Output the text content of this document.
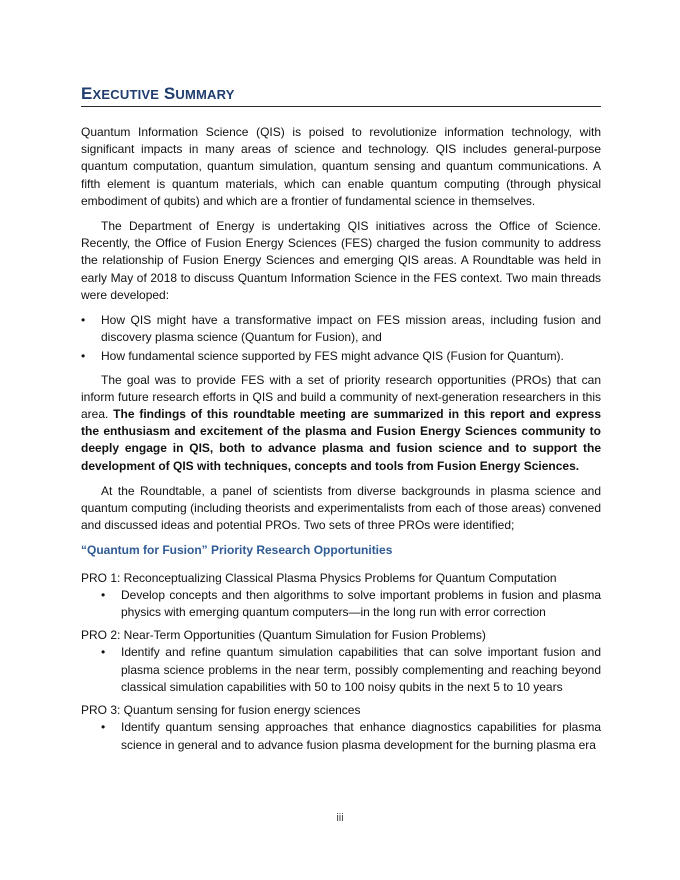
EXECUTIVE SUMMARY

Quantum Information Science (QIS) is poised to revolutionize information technology, with significant impacts in many areas of science and technology. QIS includes general-purpose quantum computation, quantum simulation, quantum sensing and quantum communications. A fifth element is quantum materials, which can enable quantum computing (through physical embodiment of qubits) and which are a frontier of fundamental science in themselves.

The Department of Energy is undertaking QIS initiatives across the Office of Science. Recently, the Office of Fusion Energy Sciences (FES) charged the fusion community to address the relationship of Fusion Energy Sciences and emerging QIS areas. A Roundtable was held in early May of 2018 to discuss Quantum Information Science in the FES context. Two main threads were developed:

• How QIS might have a transformative impact on FES mission areas, including fusion and discovery plasma science (Quantum for Fusion), and
• How fundamental science supported by FES might advance QIS (Fusion for Quantum).

The goal was to provide FES with a set of priority research opportunities (PROs) that can inform future research efforts in QIS and build a community of next-generation researchers in this area. The findings of this roundtable meeting are summarized in this report and express the enthusiasm and excitement of the plasma and Fusion Energy Sciences community to deeply engage in QIS, both to advance plasma and fusion science and to support the development of QIS with techniques, concepts and tools from Fusion Energy Sciences.

At the Roundtable, a panel of scientists from diverse backgrounds in plasma science and quantum computing (including theorists and experimentalists from each of those areas) convened and discussed ideas and potential PROs. Two sets of three PROs were identified;

“Quantum for Fusion” Priority Research Opportunities
PRO 1: Reconceptualizing Classical Plasma Physics Problems for Quantum Computation
• Develop concepts and then algorithms to solve important problems in fusion and plasma physics with emerging quantum computers—in the long run with error correction
PRO 2: Near-Term Opportunities (Quantum Simulation for Fusion Problems)
• Identify and refine quantum simulation capabilities that can solve important fusion and plasma science problems in the near term, possibly complementing and reaching beyond classical simulation capabilities with 50 to 100 noisy qubits in the next 5 to 10 years
PRO 3: Quantum sensing for fusion energy sciences
• Identify quantum sensing approaches that enhance diagnostics capabilities for plasma science in general and to advance fusion plasma development for the burning plasma era
iii
